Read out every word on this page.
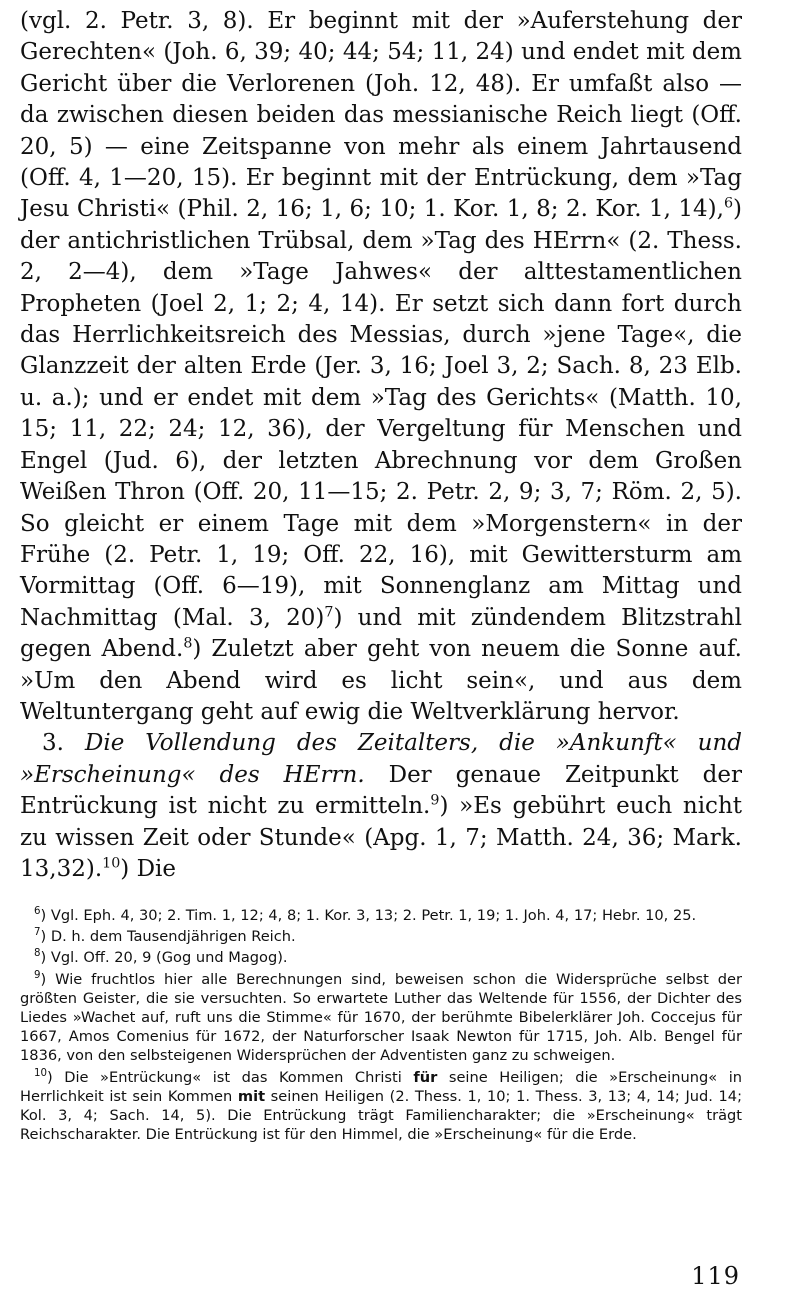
(vgl. 2. Petr. 3, 8). Er beginnt mit der »Auferstehung der Gerechten« (Joh. 6, 39; 40; 44; 54; 11, 24) und endet mit dem Gericht über die Verlorenen (Joh. 12, 48). Er umfaßt also — da zwischen diesen beiden das messianische Reich liegt (Off. 20, 5) — eine Zeitspanne von mehr als einem Jahrtausend (Off. 4, 1—20, 15). Er beginnt mit der Entrückung, dem »Tag Jesu Christi« (Phil. 2, 16; 1, 6; 10; 1. Kor. 1, 8; 2. Kor. 1, 14),$^6$) der antichristlichen Trübsal, dem »Tag des HErrn« (2. Thess. 2, 2—4), dem »Tage Jahwes« der alttestamentlichen Propheten (Joel 2, 1; 2; 4, 14). Er setzt sich dann fort durch das Herrlichkeitsreich des Messias, durch »jene Tage«, die Glanzzeit der alten Erde (Jer. 3, 16; Joel 3, 2; Sach. 8, 23 Elb. u. a.); und er endet mit dem »Tag des Gerichts« (Matth. 10, 15; 11, 22; 24; 12, 36), der Vergeltung für Menschen und Engel (Jud. 6), der letzten Abrechnung vor dem Großen Weißen Thron (Off. 20, 11—15; 2. Petr. 2, 9; 3, 7; Röm. 2, 5). So gleicht er einem Tage mit dem »Morgenstern« in der Frühe (2. Petr. 1, 19; Off. 22, 16), mit Gewittersturm am Vormittag (Off. 6—19), mit Sonnenglanz am Mittag und Nachmittag (Mal. 3, 20)$^7$) und mit zündendem Blitzstrahl gegen Abend.$^8$) Zuletzt aber geht von neuem die Sonne auf. »Um den Abend wird es licht sein«, und aus dem Weltuntergang geht auf ewig die Weltverklärung hervor.

3. Die Vollendung des Zeitalters, die »Ankunft« und »Erscheinung« des HErrn. Der genaue Zeitpunkt der Entrückung ist nicht zu ermitteln.$^9$) »Es gebührt euch nicht zu wissen Zeit oder Stunde« (Apg. 1, 7; Matth. 24, 36; Mark. 13,32).$^{10}$) Die

$^6$) Vgl. Eph. 4, 30; 2. Tim. 1, 12; 4, 8; 1. Kor. 3, 13; 2. Petr. 1, 19; 1. Joh. 4, 17; Hebr. 10, 25.

$^7$) D. h. dem Tausendjährigen Reich.

$^8$) Vgl. Off. 20, 9 (Gog und Magog).

$^9$) Wie fruchtlos hier alle Berechnungen sind, beweisen schon die Widersprüche selbst der größten Geister, die sie versuchten. So erwartete Luther das Weltende für 1556, der Dichter des Liedes »Wachet auf, ruft uns die Stimme« für 1670, der berühmte Bibelerklärer Joh. Coccejus für 1667, Amos Comenius für 1672, der Naturforscher Isaak Newton für 1715, Joh. Alb. Bengel für 1836, von den selbsteigenen Widersprüchen der Adventisten ganz zu schweigen.

$^{10}$) Die »Entrückung« ist das Kommen Christi für seine Heiligen; die »Erscheinung« in Herrlichkeit ist sein Kommen mit seinen Heiligen (2. Thess. 1, 10; 1. Thess. 3, 13; 4, 14; Jud. 14; Kol. 3, 4; Sach. 14, 5). Die Entrückung trägt Familiencharakter; die »Erscheinung« trägt Reichscharakter. Die Entrückung ist für den Himmel, die »Erscheinung« für die Erde.

119
